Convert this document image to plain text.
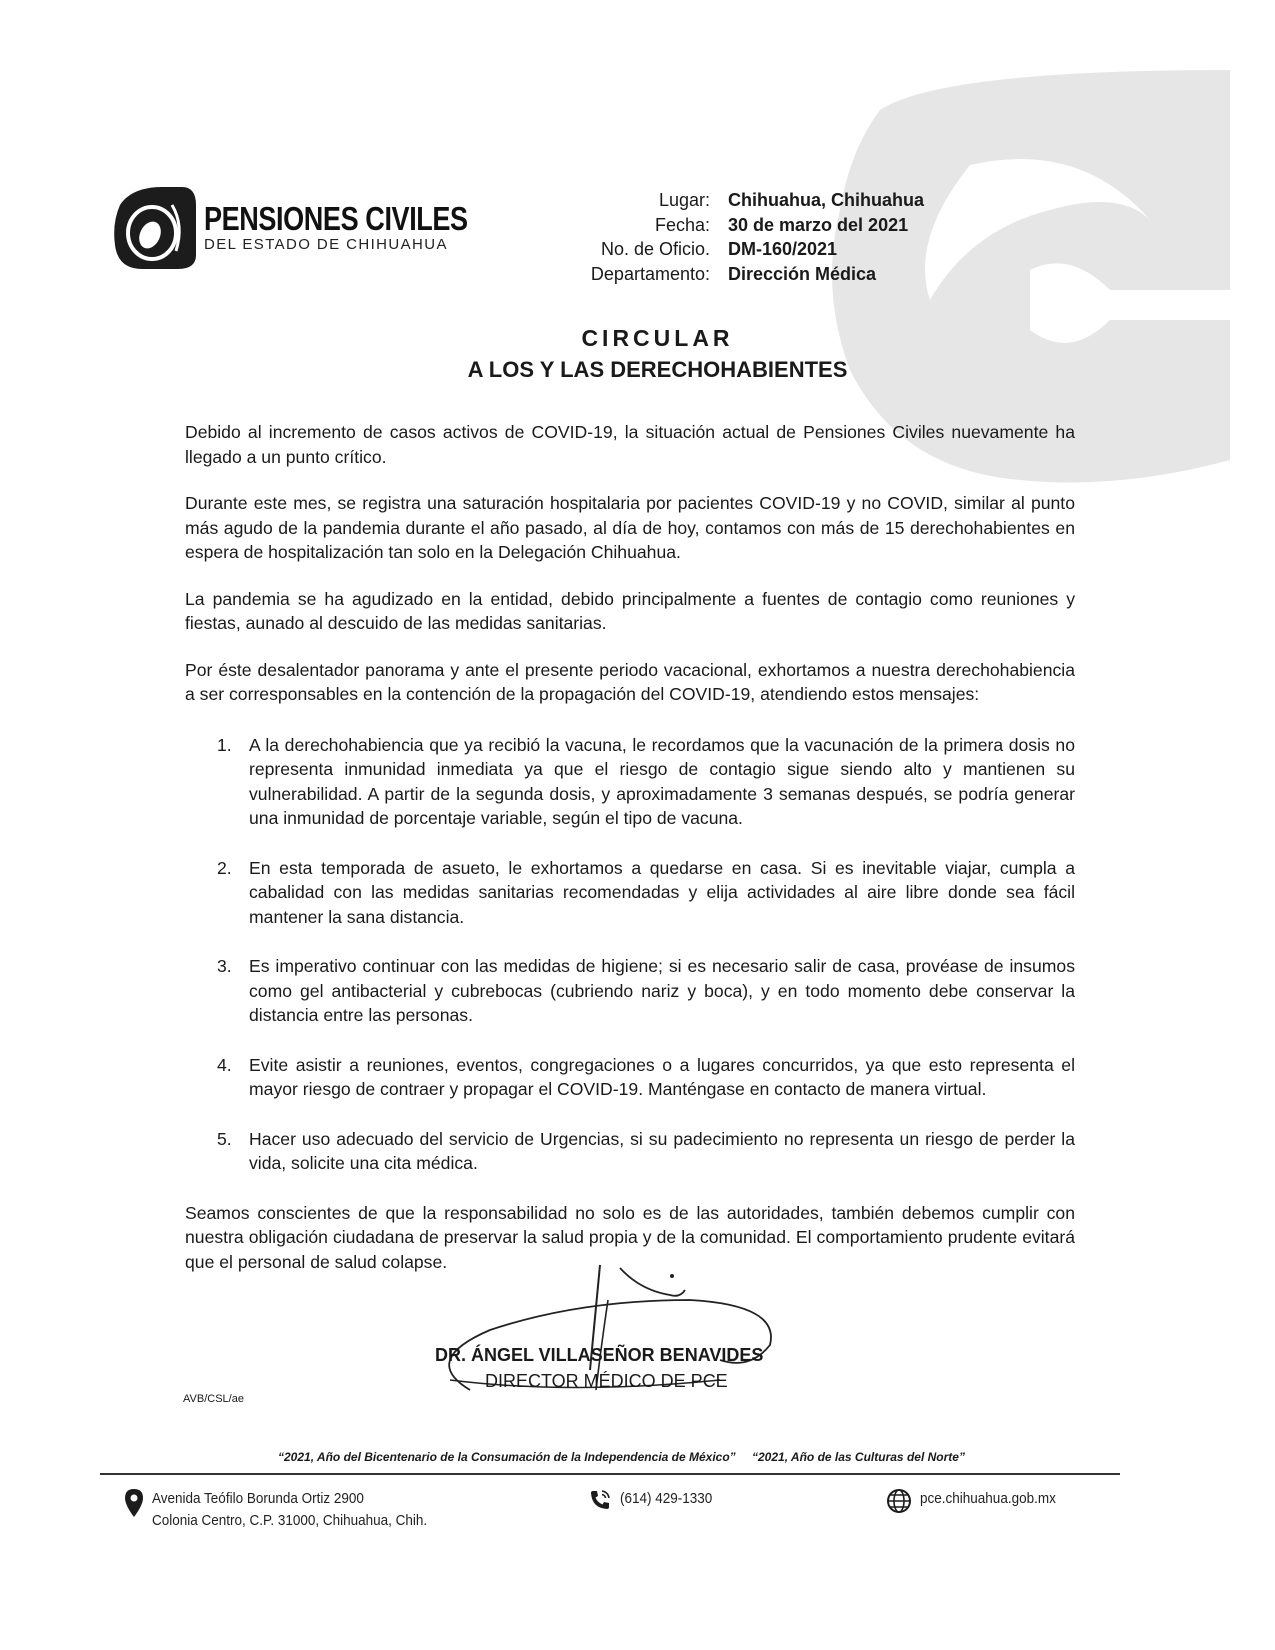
PENSIONES CIVILES
DEL ESTADO DE CHIHUAHUA
Lugar:	Chihuahua, Chihuahua
Fecha:	30 de marzo del 2021
No. de Oficio.	DM-160/2021
Departamento:	Dirección Médica
CIRCULAR
A LOS Y LAS DERECHOHABIENTES

Debido al incremento de casos activos de COVID-19, la situación actual de Pensiones Civiles nuevamente ha llegado a un punto crítico.

Durante este mes, se registra una saturación hospitalaria por pacientes COVID-19 y no COVID, similar al punto más agudo de la pandemia durante el año pasado, al día de hoy, contamos con más de 15 derechohabientes en espera de hospitalización tan solo en la Delegación Chihuahua.

La pandemia se ha agudizado en la entidad, debido principalmente a fuentes de contagio como reuniones y fiestas, aunado al descuido de las medidas sanitarias.

Por éste desalentador panorama y ante el presente periodo vacacional, exhortamos a nuestra derechohabiencia a ser corresponsables en la contención de la propagación del COVID-19, atendiendo estos mensajes:

1. A la derechohabiencia que ya recibió la vacuna, le recordamos que la vacunación de la primera dosis no representa inmunidad inmediata ya que el riesgo de contagio sigue siendo alto y mantienen su vulnerabilidad. A partir de la segunda dosis, y aproximadamente 3 semanas después, se podría generar una inmunidad de porcentaje variable, según el tipo de vacuna.
2. En esta temporada de asueto, le exhortamos a quedarse en casa. Si es inevitable viajar, cumpla a cabalidad con las medidas sanitarias recomendadas y elija actividades al aire libre donde sea fácil mantener la sana distancia.
3. Es imperativo continuar con las medidas de higiene; si es necesario salir de casa, provéase de insumos como gel antibacterial y cubrebocas (cubriendo nariz y boca), y en todo momento debe conservar la distancia entre las personas.
4. Evite asistir a reuniones, eventos, congregaciones o a lugares concurridos, ya que esto representa el mayor riesgo de contraer y propagar el COVID-19. Manténgase en contacto de manera virtual.
5. Hacer uso adecuado del servicio de Urgencias, si su padecimiento no representa un riesgo de perder la vida, solicite una cita médica.

Seamos conscientes de que la responsabilidad no solo es de las autoridades, también debemos cumplir con nuestra obligación ciudadana de preservar la salud propia y de la comunidad. El comportamiento prudente evitará que el personal de salud colapse.

DR. ÁNGEL VILLASEÑOR BENAVIDES
DIRECTOR MÉDICO DE PCE
AVB/CSL/ae
“2021, Año del Bicentenario de la Consumación de la Independencia de México” “2021, Año de las Culturas del Norte”
Avenida Teófilo Borunda Ortiz 2900
Colonia Centro, C.P. 31000, Chihuahua, Chih.
(614) 429-1330	pce.chihuahua.gob.mx
